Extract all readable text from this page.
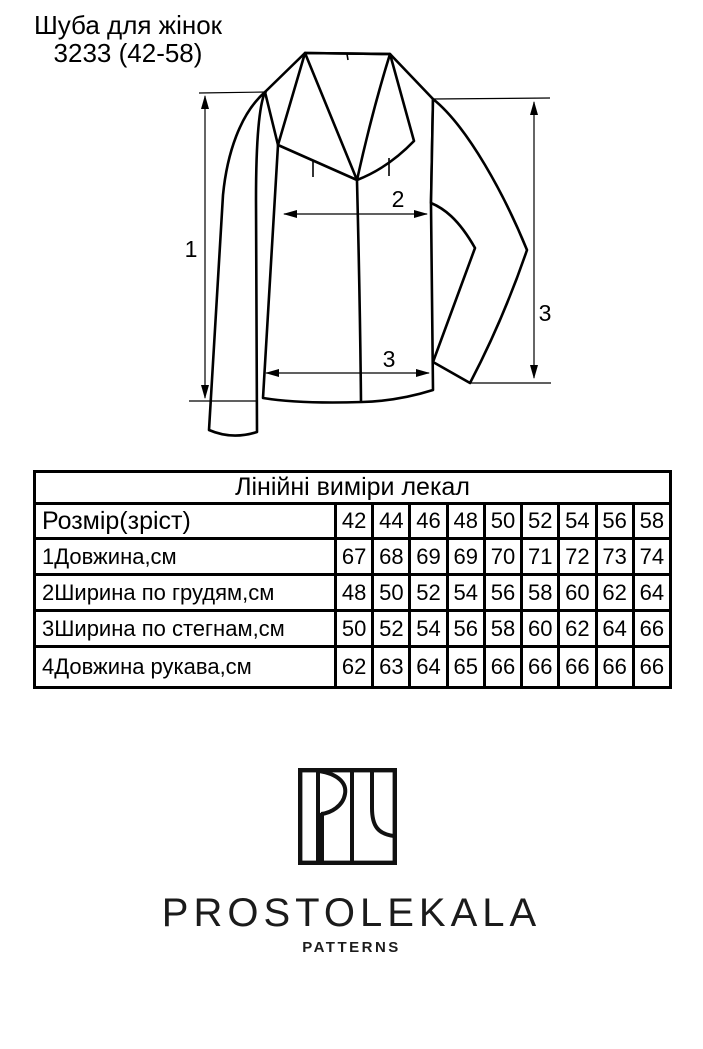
Шуба для жінок
3233 (42-58)
1
2
3
3
Лінійні виміри лекал									
Розмір(зріст)	42	44	46	48	50	52	54	56	58
1Довжина,см	67	68	69	69	70	71	72	73	74
2Ширина по грудям,см	48	50	52	54	56	58	60	62	64
3Ширина по стегнам,см	50	52	54	56	58	60	62	64	66
4Довжина рукава,см	62	63	64	65	66	66	66	66	66
PROSTOLEKALA
PATTERNS
